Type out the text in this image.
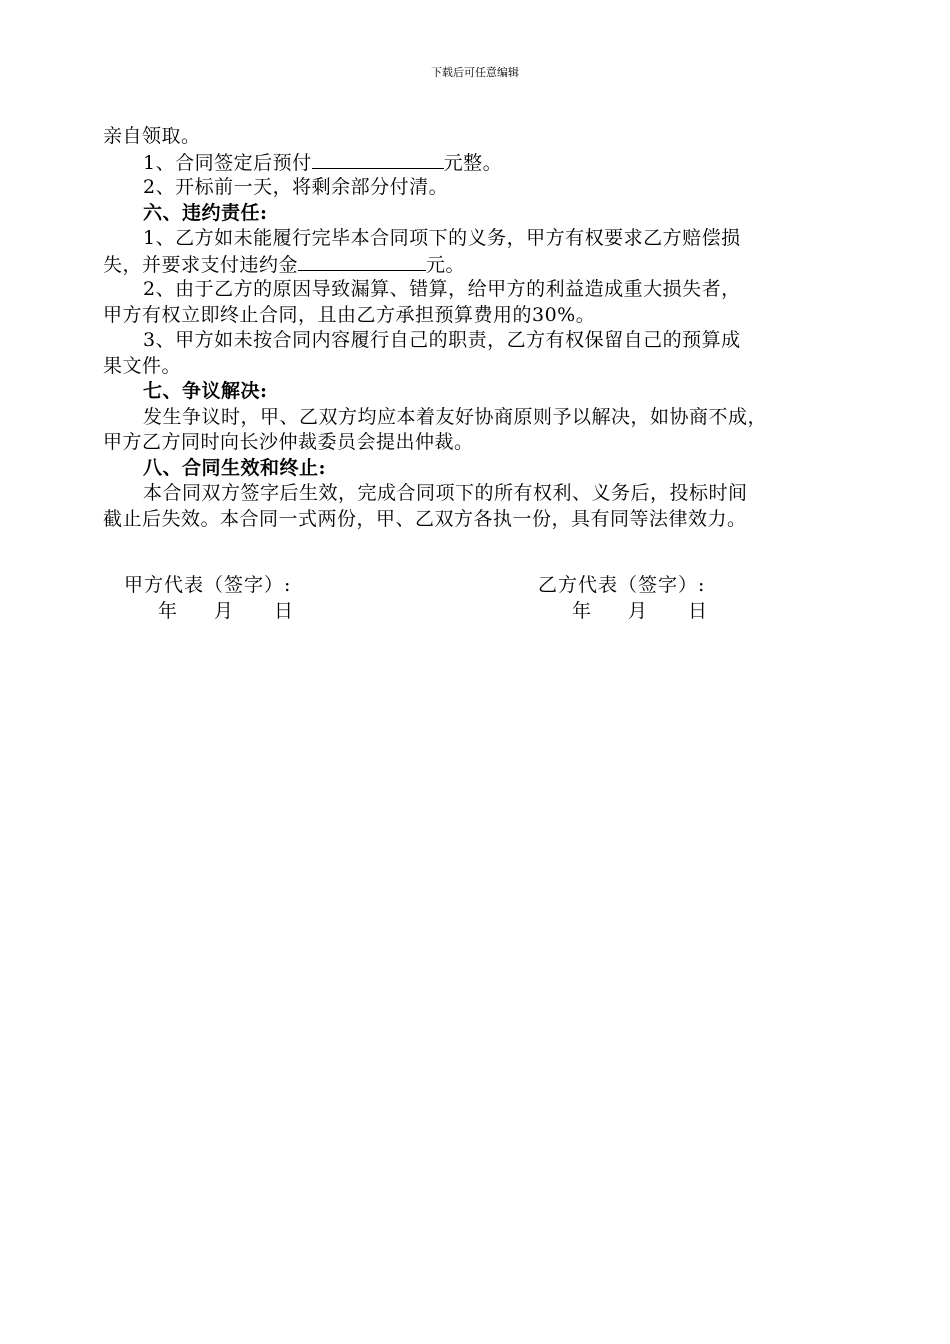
下载后可任意编辑
亲自领取。
1、合同签定后预付	元整。
2、开标前一天，将剩余部分付清。
六、违约责任:
1、乙方如未能履行完毕本合同项下的义务，甲方有权要求乙方赔偿损
失，并要求支付违约金	元。
2、由于乙方的原因导致漏算、错算，给甲方的利益造成重大损失者，
甲方有权立即终止合同，且由乙方承担预算费用的30%。
3、甲方如未按合同内容履行自己的职责，乙方有权保留自己的预算成
果文件。
七、争议解决:
发生争议时，甲、乙双方均应本着友好协商原则予以解决，如协商不成，
甲方乙方同时向长沙仲裁委员会提出仲裁。
八、合同生效和终止:
本合同双方签字后生效，完成合同项下的所有权利、义务后，投标时间
截止后失效。本合同一式两份，甲、乙双方各执一份，具有同等法律效力。
甲方代表（签字）:
年 月 日
乙方代表（签字）:
年 月 日
